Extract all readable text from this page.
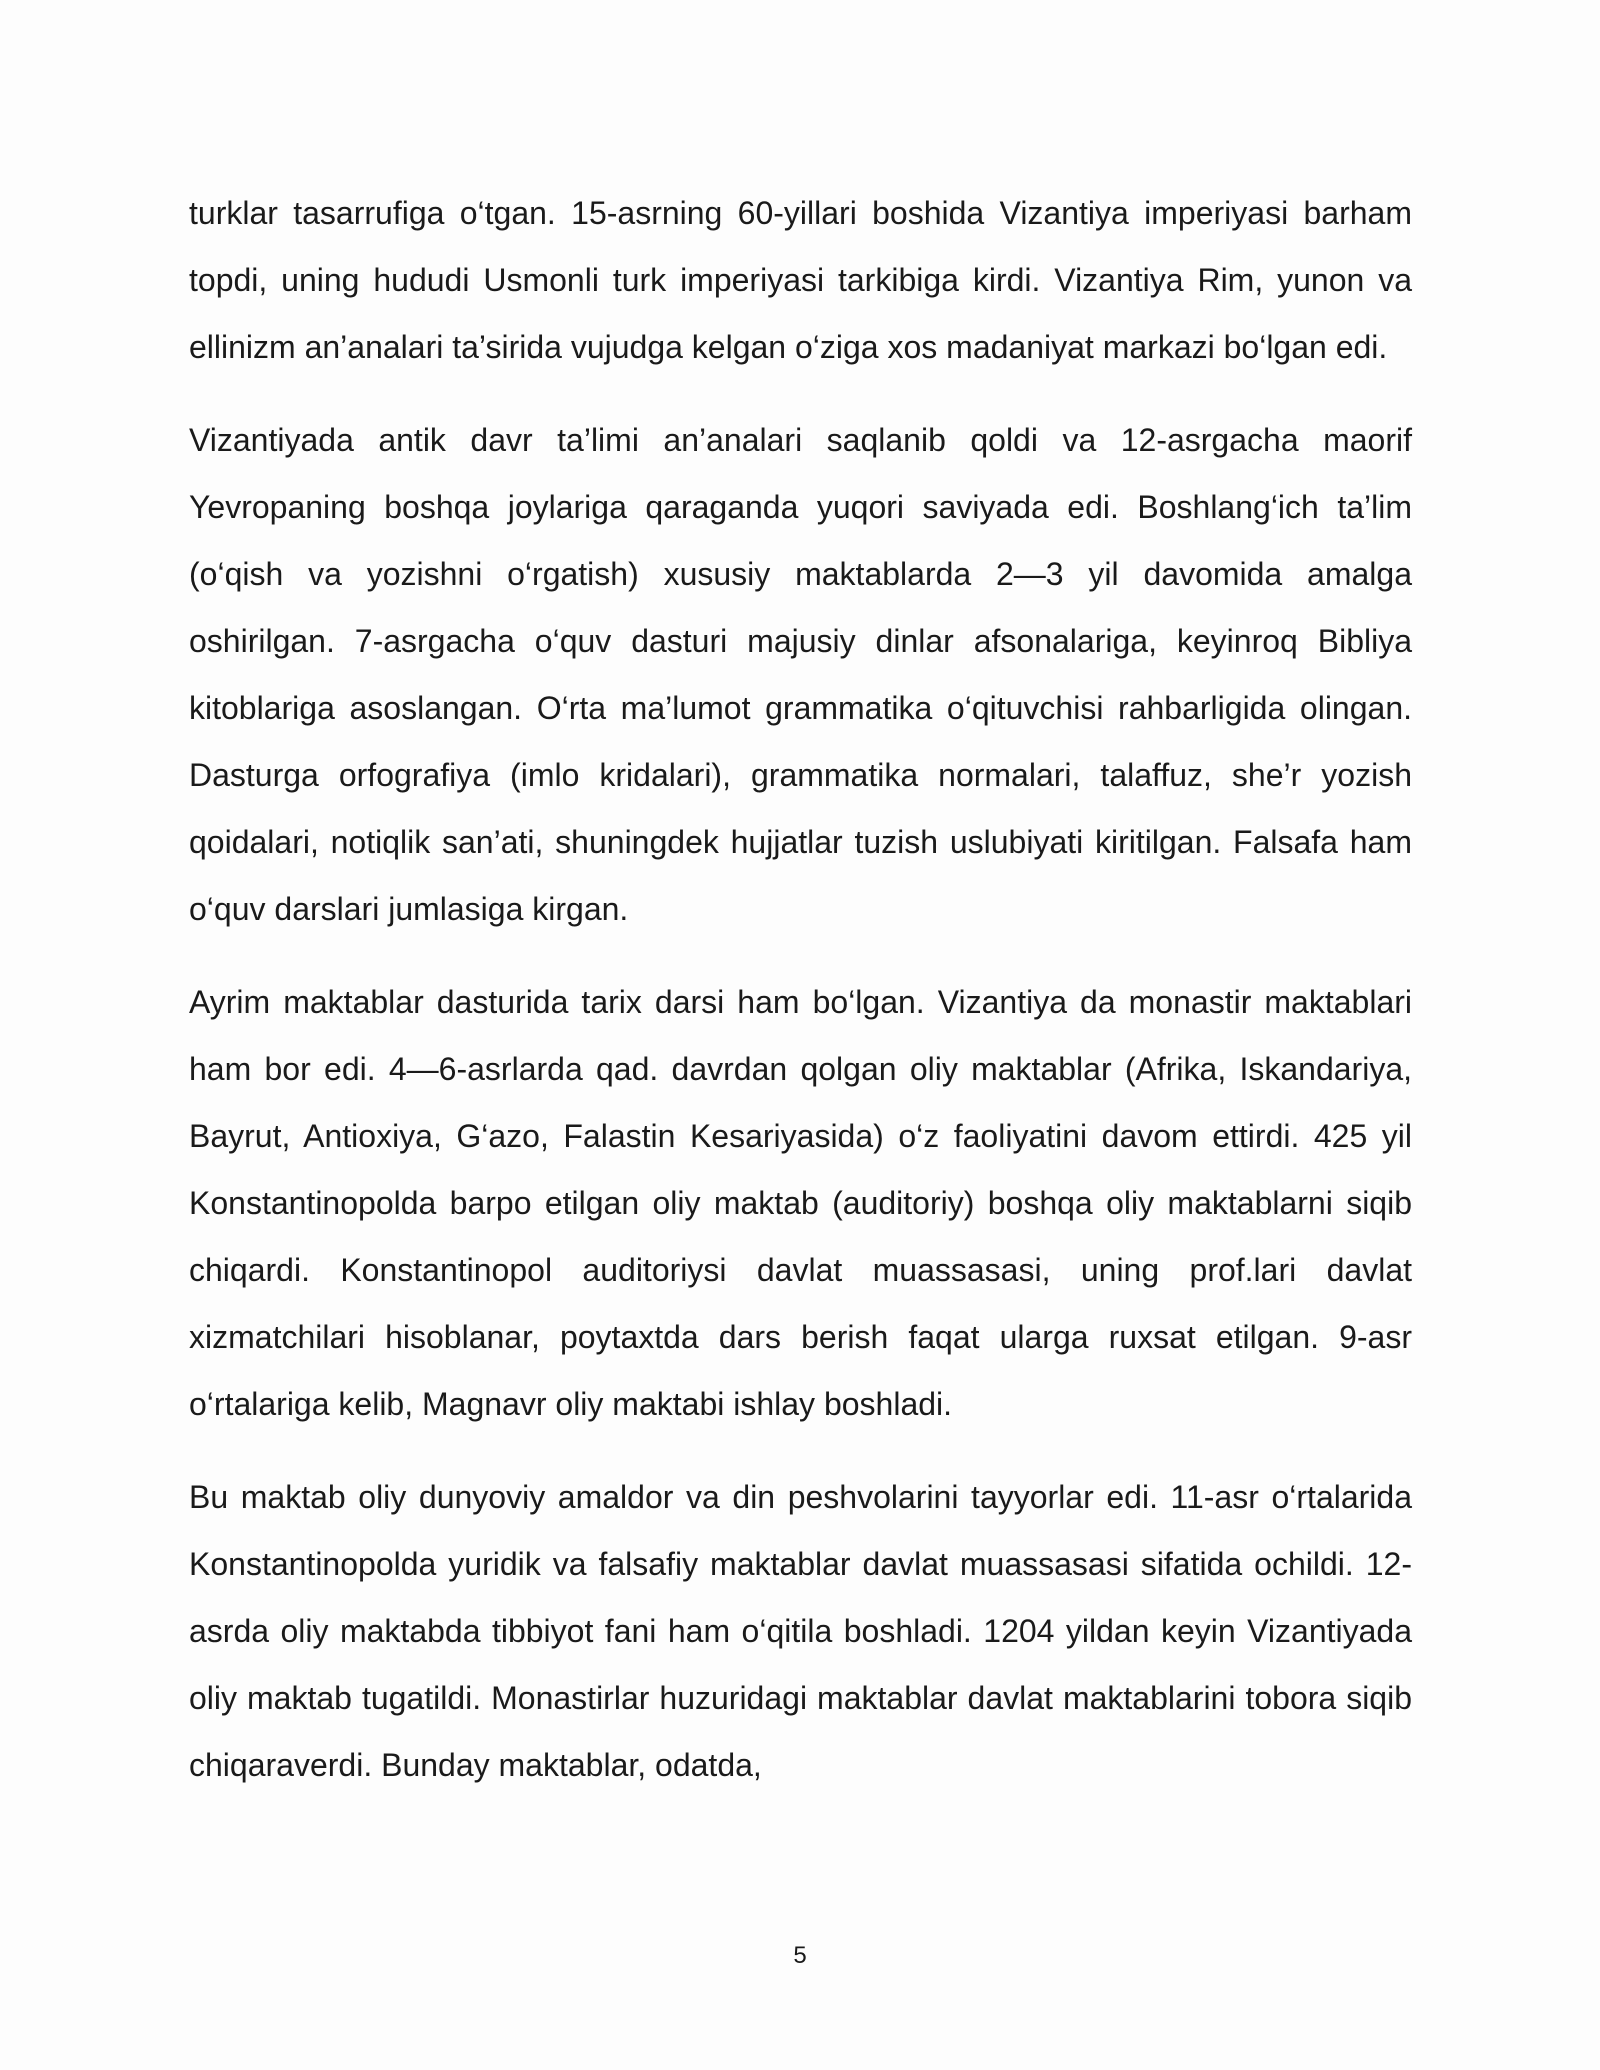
turklar tasarrufiga o‘tgan. 15-asrning 60-yillari boshida Vizantiya imperiyasi barham topdi, uning hududi Usmonli turk imperiyasi tarkibiga kirdi. Vizantiya Rim, yunon va ellinizm an’analari ta’sirida vujudga kelgan o‘ziga xos madaniyat markazi bo‘lgan edi.

Vizantiyada antik davr ta’limi an’analari saqlanib qoldi va 12-asrgacha maorif Yevropaning boshqa joylariga qaraganda yuqori saviyada edi. Boshlang‘ich ta’lim (o‘qish va yozishni o‘rgatish) xususiy maktablarda 2—3 yil davomida amalga oshirilgan. 7-asrgacha o‘quv dasturi majusiy dinlar afsonalariga, keyinroq Bibliya kitoblariga asoslangan. O‘rta ma’lumot grammatika o‘qituvchisi rahbarligida olingan. Dasturga orfografiya (imlo kridalari), grammatika normalari, talaffuz, she’r yozish qoidalari, notiqlik san’ati, shuningdek hujjatlar tuzish uslubiyati kiritilgan. Falsafa ham o‘quv darslari jumlasiga kirgan.

Ayrim maktablar dasturida tarix darsi ham bo‘lgan. Vizantiya da monastir maktablari ham bor edi. 4—6-asrlarda qad. davrdan qolgan oliy maktablar (Afrika, Iskandariya, Bayrut, Antioxiya, G‘azo, Falastin Kesariyasida) o‘z faoliyatini davom ettirdi. 425 yil Konstantinopolda barpo etilgan oliy maktab (auditoriy) boshqa oliy maktablarni siqib chiqardi. Konstantinopol auditoriysi davlat muassasasi, uning prof.lari davlat xizmatchilari hisoblanar, poytaxtda dars berish faqat ularga ruxsat etilgan. 9-asr o‘rtalariga kelib, Magnavr oliy maktabi ishlay boshladi.

Bu maktab oliy dunyoviy amaldor va din peshvolarini tayyorlar edi. 11-asr o‘rtalarida Konstantinopolda yuridik va falsafiy maktablar davlat muassasasi sifatida ochildi. 12-asrda oliy maktabda tibbiyot fani ham o‘qitila boshladi. 1204 yildan keyin Vizantiyada oliy maktab tugatildi. Monastirlar huzuridagi maktablar davlat maktablarini tobora siqib chiqaraverdi. Bunday maktablar, odatda,

5
